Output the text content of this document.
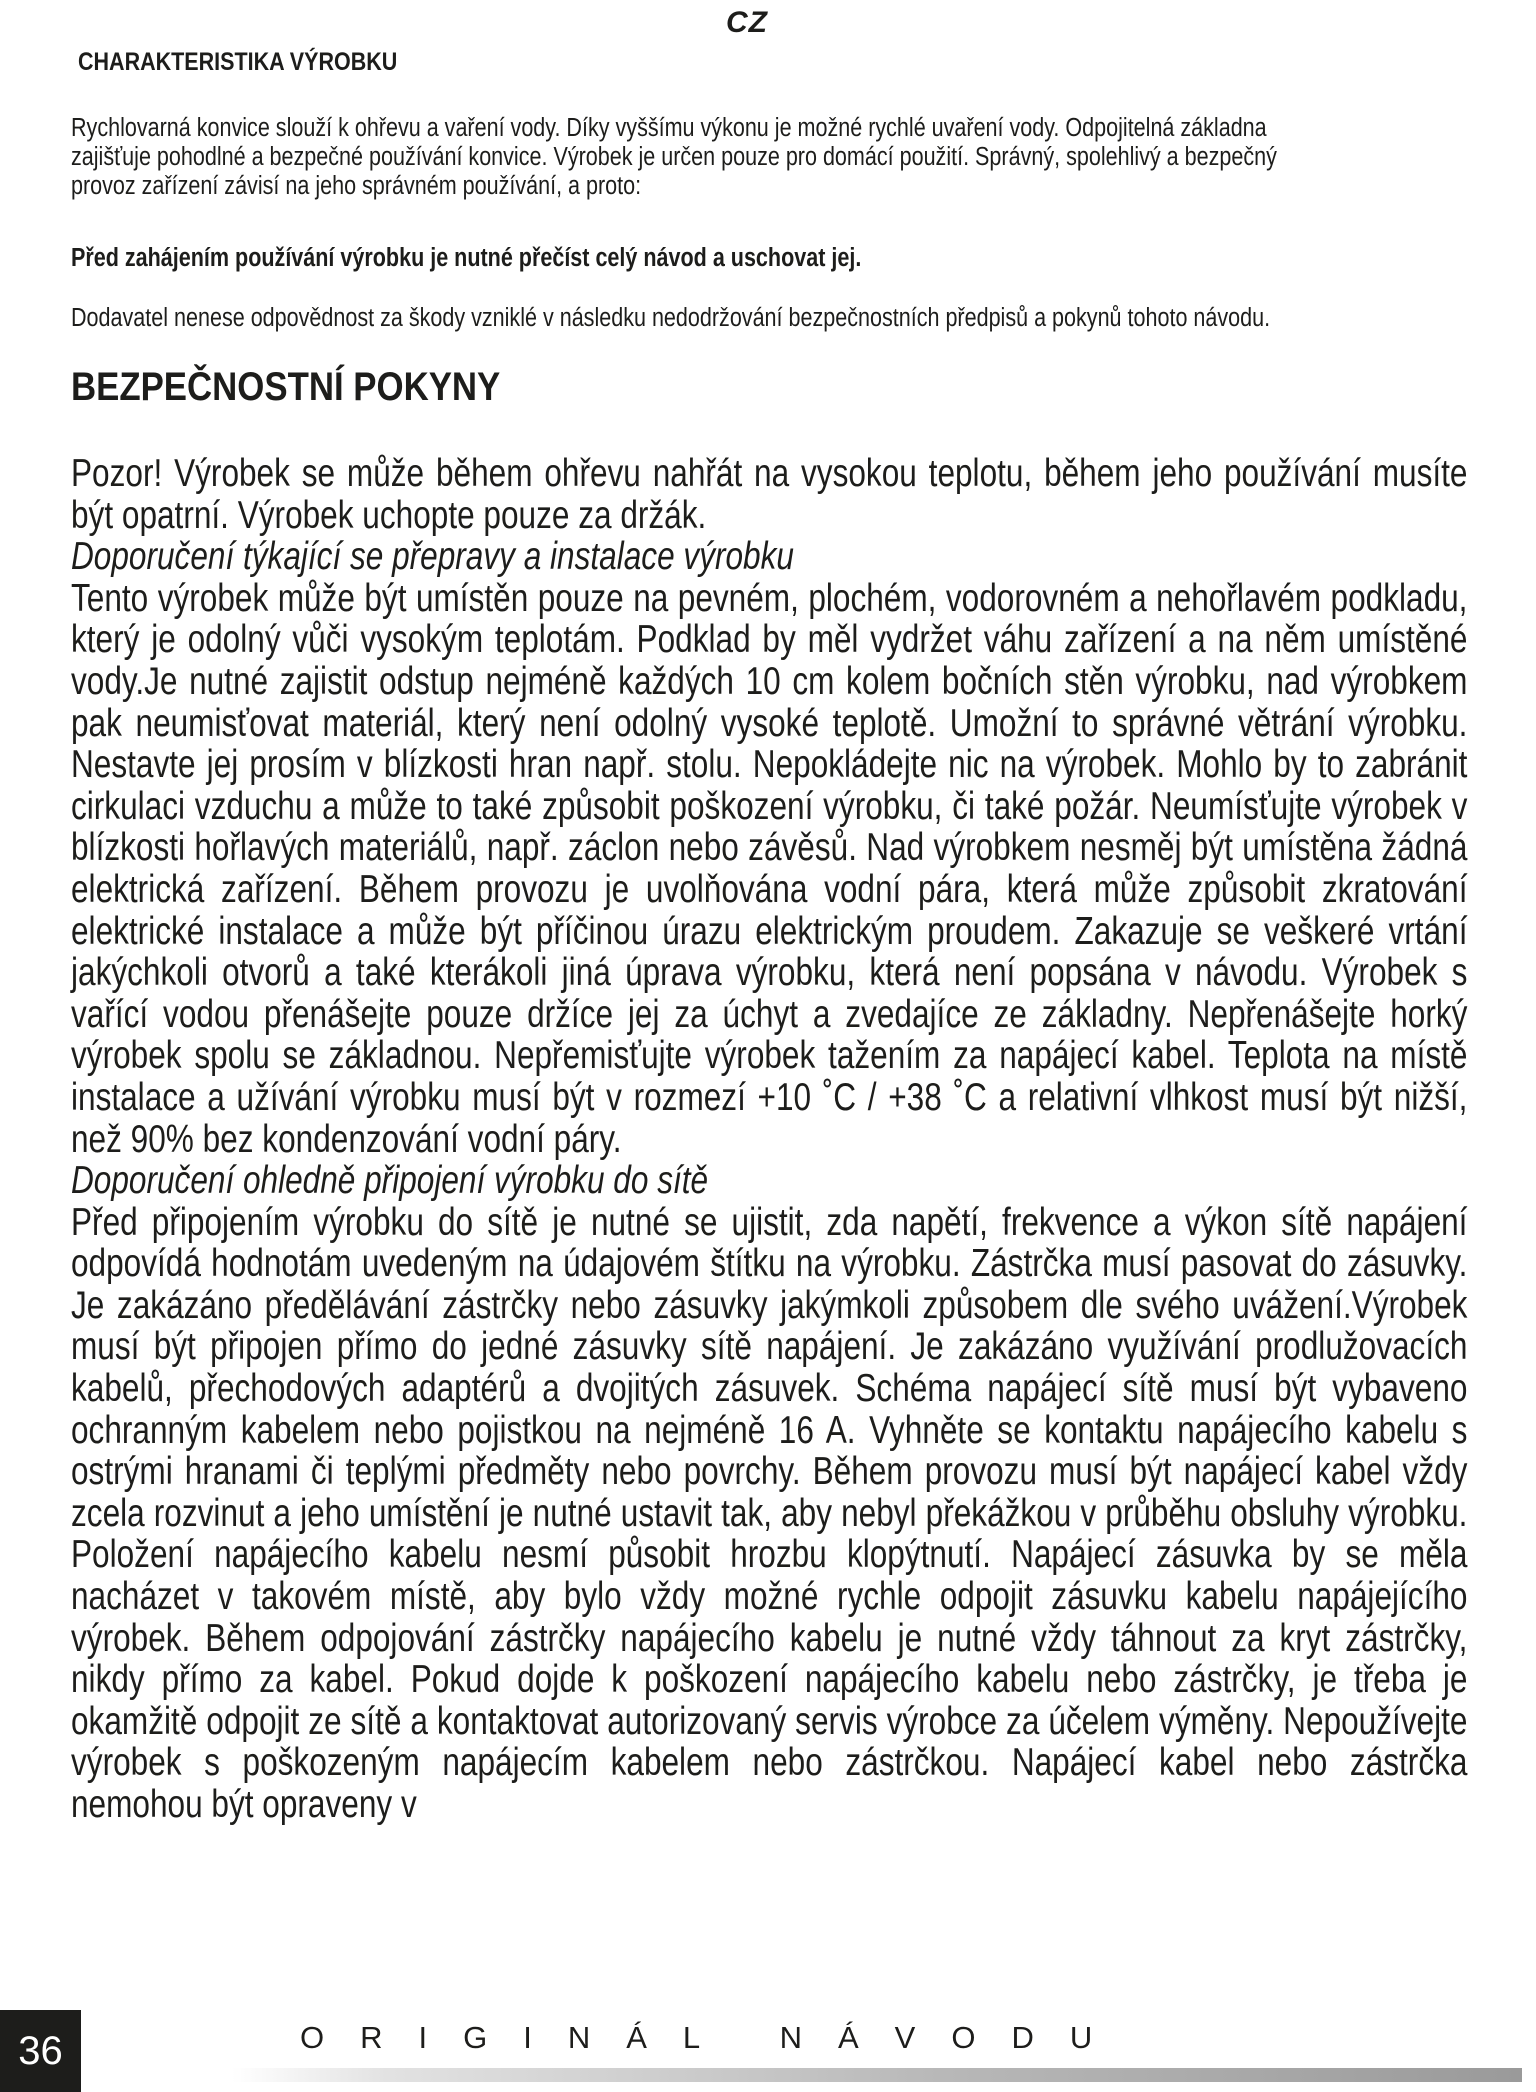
CZ
CHARAKTERISTIKA VÝROBKU
Rychlovarná konvice slouží k ohřevu a vaření vody. Díky vyššímu výkonu je možné rychlé uvaření vody. Odpojitelná základna zajišťuje pohodlné a bezpečné používání konvice. Výrobek je určen pouze pro domácí použití. Správný, spolehlivý a bezpečný provoz zařízení závisí na jeho správném používání, a proto:
Před zahájením používání výrobku je nutné přečíst celý návod a uschovat jej.
Dodavatel nenese odpovědnost za škody vzniklé v následku nedodržování bezpečnostních předpisů a pokynů tohoto návodu.
BEZPEČNOSTNÍ POKYNY

Pozor! Výrobek se může během ohřevu nahřát na vysokou teplotu, během jeho používání musíte být opatrní. Výrobek uchopte pouze za držák.

Doporučení týkající se přepravy a instalace výrobku

Tento výrobek může být umístěn pouze na pevném, plochém, vodorovném a nehořlavém podkladu, který je odolný vůči vysokým teplotám. Podklad by měl vydržet váhu zařízení a na něm umístěné vody.Je nutné zajistit odstup nejméně každých 10 cm kolem bočních stěn výrobku, nad výrobkem pak neumisťovat materiál, který není odolný vysoké teplotě. Umožní to správné větrání výrobku. Nestavte jej prosím v blízkosti hran např. stolu. Nepokládejte nic na výrobek. Mohlo by to zabránit cirkulaci vzduchu a může to také způsobit poškození výrobku, či také požár. Neumísťujte výrobek v blízkosti hořlavých materiálů, např. záclon nebo závěsů. Nad výrobkem nesměj být umístěna žádná elektrická zařízení. Během provozu je uvolňována vodní pára, která může způsobit zkratování elektrické instalace a může být příčinou úrazu elektrickým proudem. Zakazuje se veškeré vrtání jakýchkoli otvorů a také kterákoli jiná úprava výrobku, která není popsána v návodu. Výrobek s vařící vodou přenášejte pouze držíce jej za úchyt a zvedajíce ze základny. Nepřenášejte horký výrobek spolu se základnou. Nepřemisťujte výrobek tažením za napájecí kabel. Teplota na místě instalace a užívání výrobku musí být v rozmezí +10 ˚C / +38 ˚C a relativní vlhkost musí být nižší, než 90% bez kondenzování vodní páry.

Doporučení ohledně připojení výrobku do sítě

Před připojením výrobku do sítě je nutné se ujistit, zda napětí, frekvence a výkon sítě napájení odpovídá hodnotám uvedeným na údajovém štítku na výrobku. Zástrčka musí pasovat do zásuvky. Je zakázáno předělávání zástrčky nebo zásuvky jakýmkoli způsobem dle svého uvážení.Výrobek musí být připojen přímo do jedné zásuvky sítě napájení. Je zakázáno využívání prodlužovacích kabelů, přechodových adaptérů a dvojitých zásuvek. Schéma napájecí sítě musí být vybaveno ochranným kabelem nebo pojistkou na nejméně 16 A. Vyhněte se kontaktu napájecího kabelu s ostrými hranami či teplými předměty nebo povrchy. Během provozu musí být napájecí kabel vždy zcela rozvinut a jeho umístění je nutné ustavit tak, aby nebyl překážkou v průběhu obsluhy výrobku. Položení napájecího kabelu nesmí působit hrozbu klopýtnutí. Napájecí zásuvka by se měla nacházet v takovém místě, aby bylo vždy možné rychle odpojit zásuvku kabelu napájejícího výrobek. Během odpojování zástrčky napájecího kabelu je nutné vždy táhnout za kryt zástrčky, nikdy přímo za kabel. Pokud dojde k poškození napájecího kabelu nebo zástrčky, je třeba je okamžitě odpojit ze sítě a kontaktovat autorizovaný servis výrobce za účelem výměny. Nepoužívejte výrobek s poškozeným napájecím kabelem nebo zástrčkou. Napájecí kabel nebo zástrčka nemohou být opraveny v

36	ORIGINÁL NÁVODU
